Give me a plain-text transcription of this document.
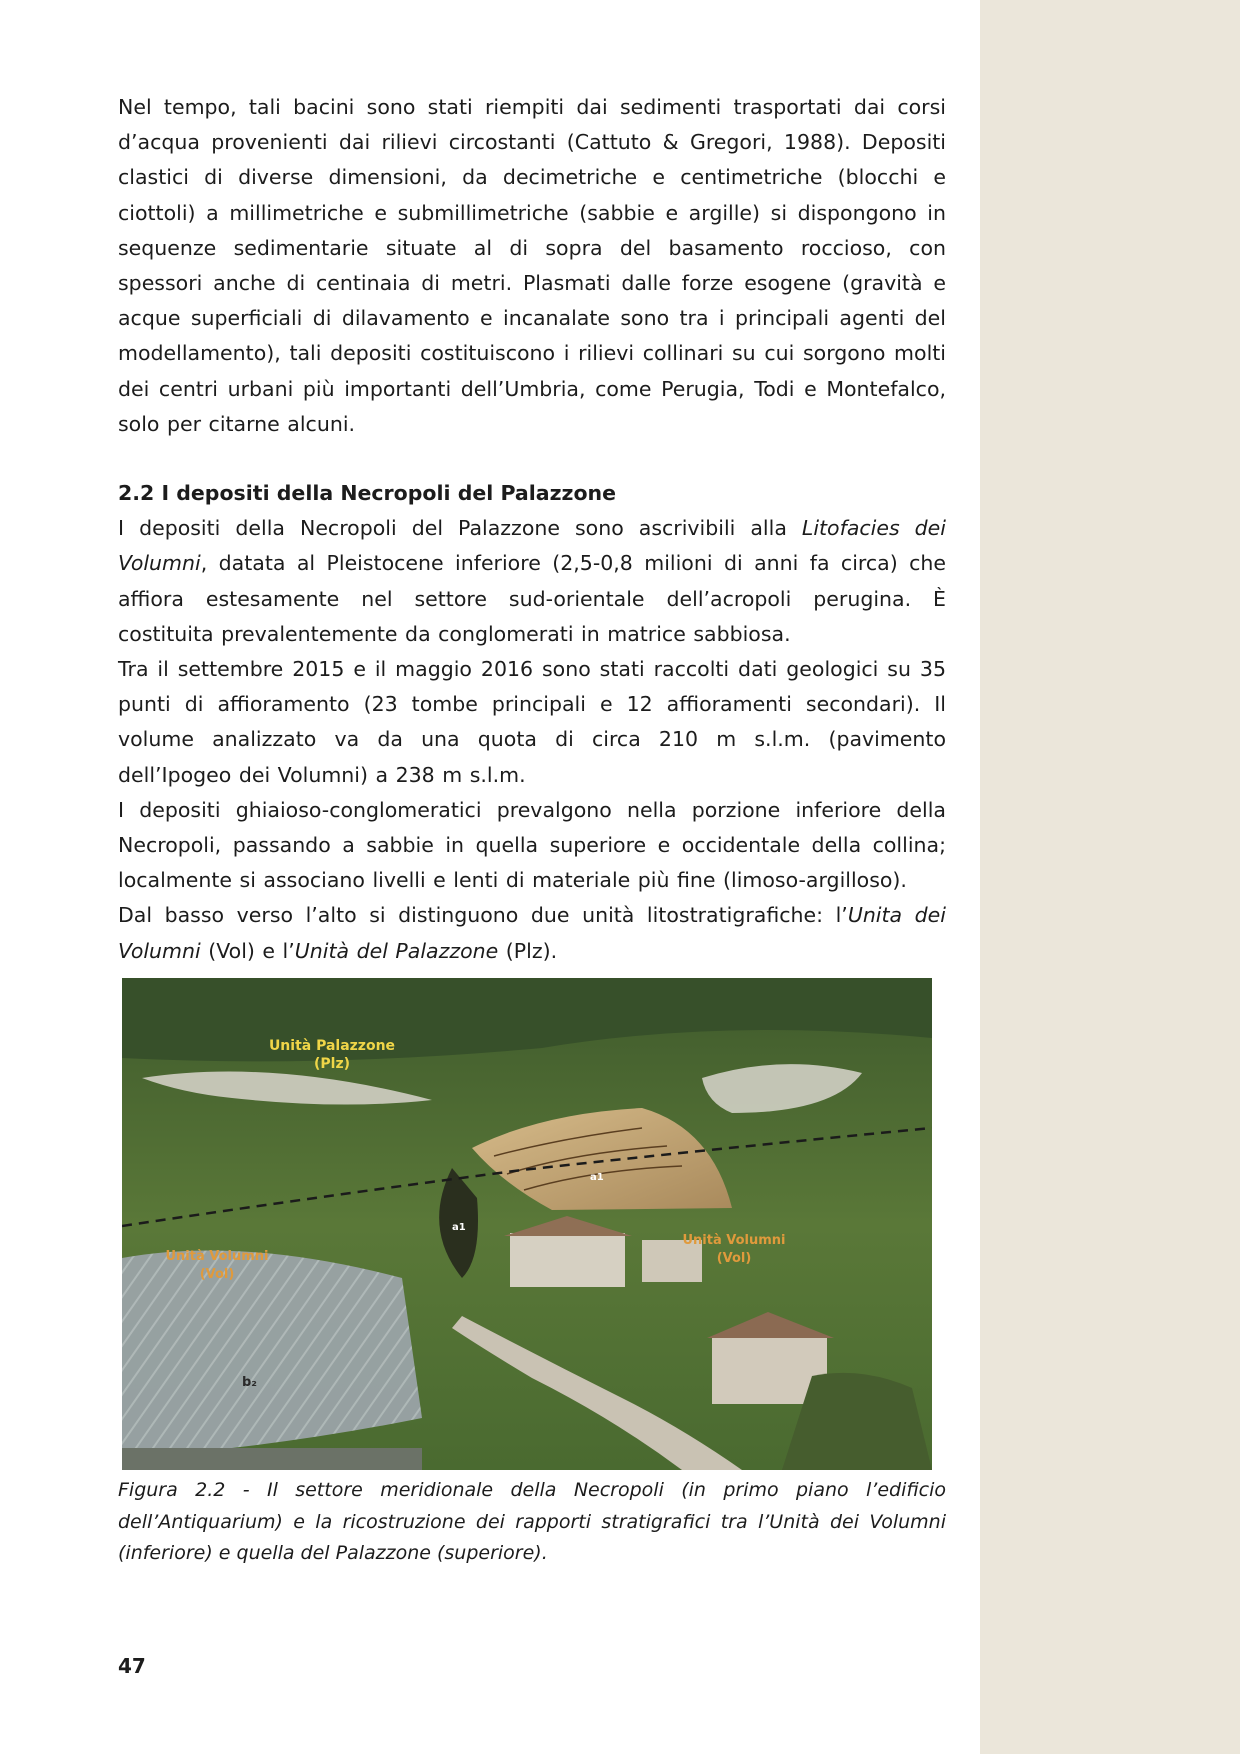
Nel tempo, tali bacini sono stati riempiti dai sedimenti trasportati dai corsi d’acqua provenienti dai rilievi circostanti (Cattuto & Gregori, 1988). Depositi clastici di diverse dimensioni, da decimetriche e centimetriche (blocchi e ciottoli) a millimetriche e submillimetriche (sabbie e argille) si dispongono in sequenze sedimentarie situate al di sopra del basamento roccioso, con spessori anche di centinaia di metri. Plasmati dalle forze esogene (gravità e acque superficiali di dilavamento e incanalate sono tra i principali agenti del modellamento), tali depositi costituiscono i rilievi collinari su cui sorgono molti dei centri urbani più importanti dell’Umbria, come Perugia, Todi e Montefalco, solo per citarne alcuni.

2.2 I depositi della Necropoli del Palazzone

I depositi della Necropoli del Palazzone sono ascrivibili alla Litofacies dei Volumni, datata al Pleistocene inferiore (2,5-0,8 milioni di anni fa circa) che affiora estesamente nel settore sud-orientale dell’acropoli perugina. È costituita prevalentemente da conglomerati in matrice sabbiosa.

Tra il settembre 2015 e il maggio 2016 sono stati raccolti dati geologici su 35 punti di affioramento (23 tombe principali e 12 affioramenti secondari). Il volume analizzato va da una quota di circa 210 m s.l.m. (pavimento dell’Ipogeo dei Volumni) a 238 m s.l.m.

I depositi ghiaioso-conglomeratici prevalgono nella porzione inferiore della Necropoli, passando a sabbie in quella superiore e occidentale della collina; localmente si associano livelli e lenti di materiale più fine (limoso-argilloso).

Dal basso verso l’alto si distinguono due unità litostratigrafiche: l’Unita dei Volumni (Vol) e l’Unità del Palazzone (Plz).

Unità Palazzone
(Plz)
Unità Volumni
(Vol)
Unità Volumni
(Vol)
a1
a1
b₂

Figura 2.2 - Il settore meridionale della Necropoli (in primo piano l’edificio dell’Antiquarium) e la ricostruzione dei rapporti stratigrafici tra l’Unità dei Volumni (inferiore) e quella del Palazzone (superiore).

47
